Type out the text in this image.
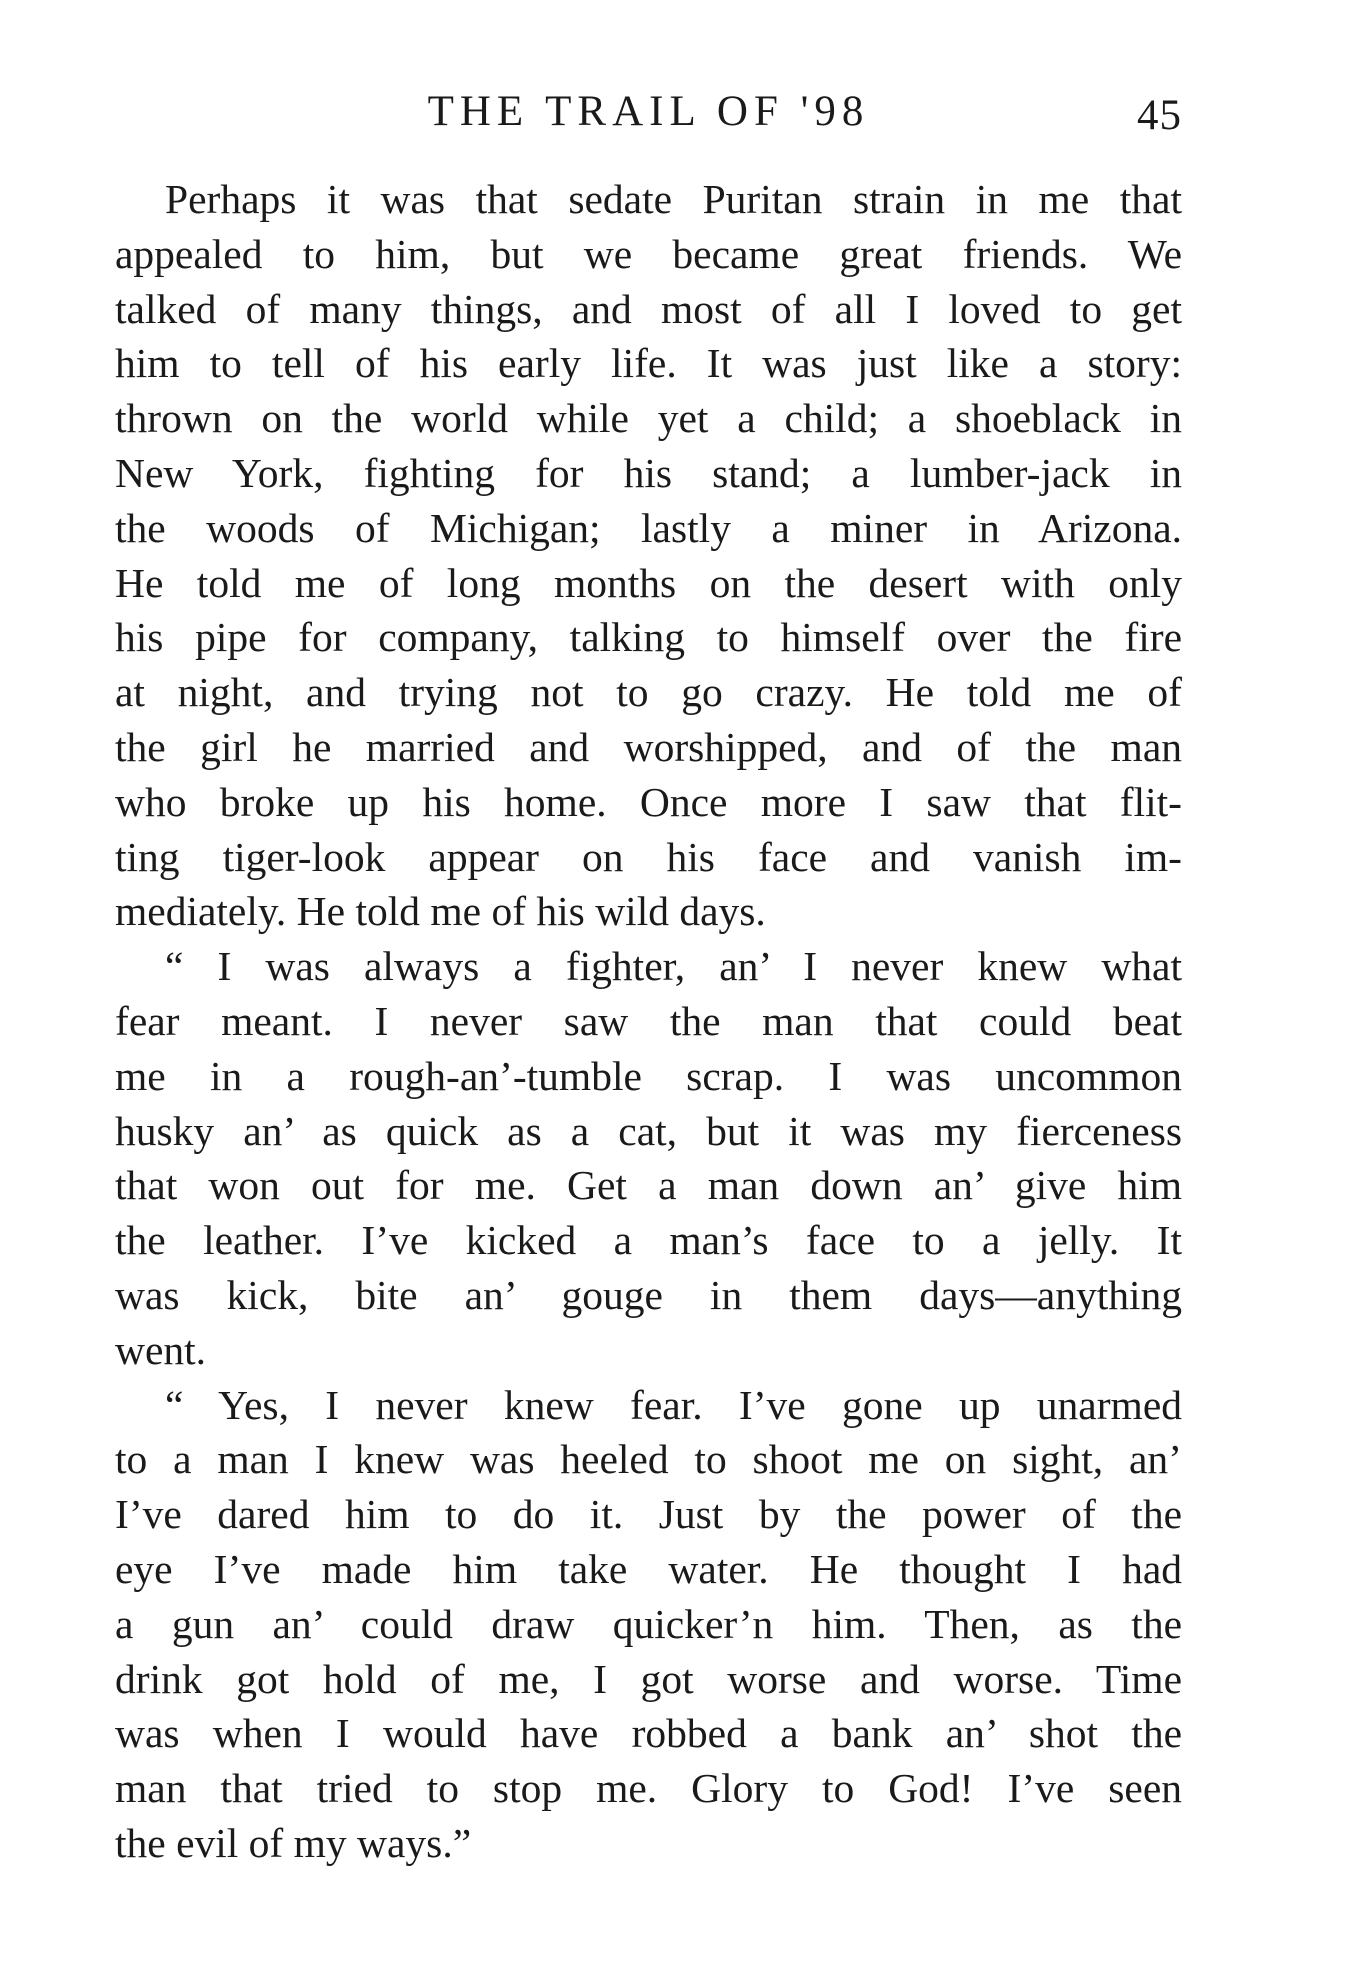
THE TRAIL OF '98	45
Perhaps it was that sedate Puritan strain in me that
appealed to him, but we became great friends. We
talked of many things, and most of all I loved to get
him to tell of his early life. It was just like a story:
thrown on the world while yet a child; a shoeblack in
New York, fighting for his stand; a lumber-jack in
the woods of Michigan; lastly a miner in Arizona.
He told me of long months on the desert with only
his pipe for company, talking to himself over the fire
at night, and trying not to go crazy. He told me of
the girl he married and worshipped, and of the man
who broke up his home. Once more I saw that flit-
ting tiger-look appear on his face and vanish im-
mediately. He told me of his wild days.
“ I was always a fighter, an’ I never knew what
fear meant. I never saw the man that could beat
me in a rough-an’-tumble scrap. I was uncommon
husky an’ as quick as a cat, but it was my fierceness
that won out for me. Get a man down an’ give him
the leather. I’ve kicked a man’s face to a jelly. It
was kick, bite an’ gouge in them days—anything
went.
“ Yes, I never knew fear. I’ve gone up unarmed
to a man I knew was heeled to shoot me on sight, an’
I’ve dared him to do it. Just by the power of the
eye I’ve made him take water. He thought I had
a gun an’ could draw quicker’n him. Then, as the
drink got hold of me, I got worse and worse. Time
was when I would have robbed a bank an’ shot the
man that tried to stop me. Glory to God! I’ve seen
the evil of my ways.”
